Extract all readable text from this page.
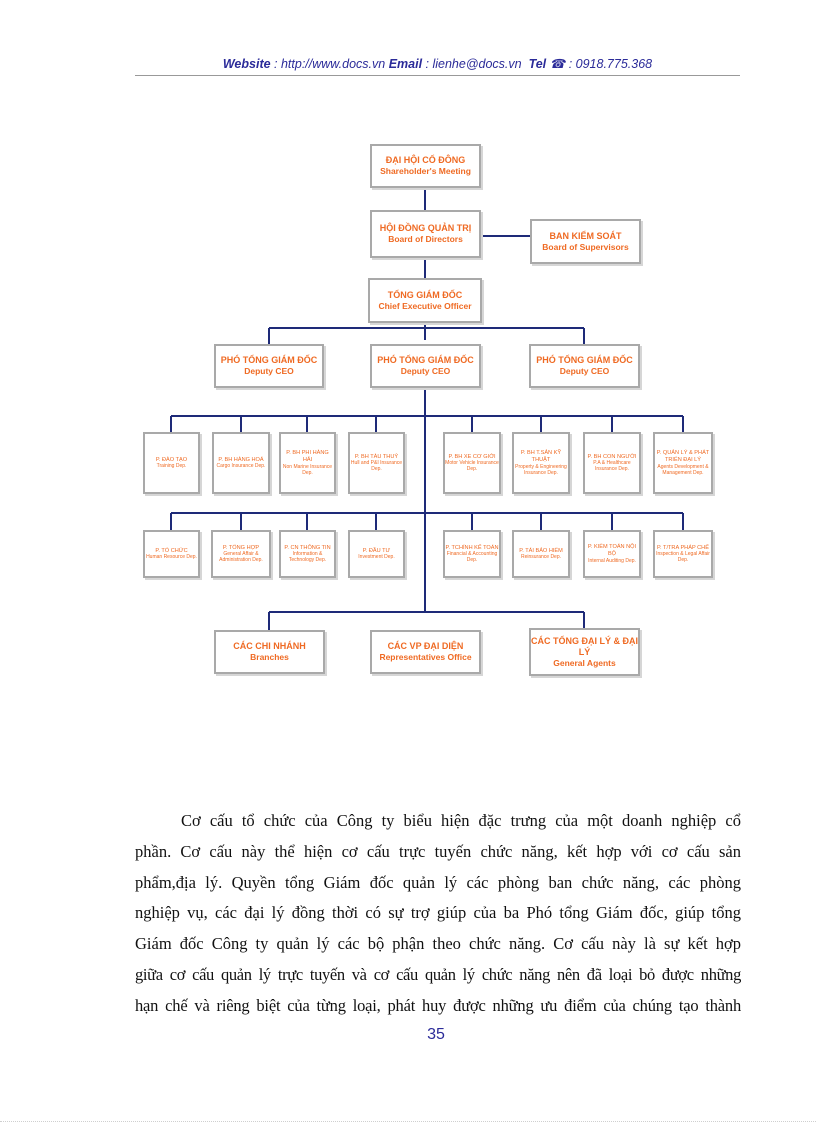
Website : http://www.docs.vn Email : lienhe@docs.vn Tel ☎ : 0918.775.368
ĐẠI HỘI CỔ ĐÔNG
Shareholder's Meeting
HỘI ĐỒNG QUẢN TRỊ
Board of Directors	BAN KIỂM SOÁT
Board of Supervisors
TỔNG GIÁM ĐỐC
Chief Executive Officer
PHÓ TỔNG GIÁM ĐỐC
Deputy CEO
PHÓ TỔNG GIÁM ĐỐC
Deputy CEO
PHÓ TỔNG GIÁM ĐỐC
Deputy CEO
P. ĐÀO TẠO
Training Dep.
P. BH HÀNG HOÁ
Cargo Insurance Dep.
P. BH PHI HÀNG HẢI
Non Marine Insurance Dep.
P. BH TÀU THUỶ
Hull and P&I Insurance Dep.
P. BH XE CƠ GIỚI
Motor Vehicle Insurance Dep.
P. BH T.SẢN KỸ THUẬT
Property & Engineering Insurance Dep.
P. BH CON NGƯỜI
P.A & Healthcare Insurance Dep.
P. QUẢN LÝ & PHÁT TRIỂN ĐẠI LÝ
Agents Development & Management Dep.
P. TỔ CHỨC
Human Resource Dep.
P. TỔNG HỢP
General Affair & Administration Dep.
P. CN THÔNG TIN
Information & Technology Dep.
P. ĐẦU TƯ
Investment Dep.
P. TCHÍNH KẾ TOÁN
Financial & Accounting Dep.
P. TÁI BẢO HIỂM
Reinsurance Dep.
P. KIỂM TOÁN NỘI BỘ
Internal Auditing Dep.
P. T/TRA PHÁP CHẾ
Inspection & Legal Affair Dep.
CÁC CHI NHÁNH
Branches
CÁC VP ĐẠI DIỆN
Representatives Office
CÁC TỔNG ĐẠI LÝ & ĐẠI LÝ
General Agents
Cơ cấu tổ chức của Công ty biểu hiện đặc trưng của một doanh nghiệp cổ
phần. Cơ cấu này thể hiện cơ cấu trực tuyến chức năng, kết hợp với cơ cấu sản
phẩm,địa lý. Quyền tổng Giám đốc quản lý các phòng ban chức năng, các phòng
nghiệp vụ, các đại lý đồng thời có sự trợ giúp của ba Phó tổng Giám đốc, giúp tổng
Giám đốc Công ty quản lý các bộ phận theo chức năng. Cơ cấu này là sự kết hợp
giữa cơ cấu quản lý trực tuyến và cơ cấu quản lý chức năng nên đã loại bỏ được những
hạn chế và riêng biệt của từng loại, phát huy được những ưu điểm của chúng tạo thành
35
